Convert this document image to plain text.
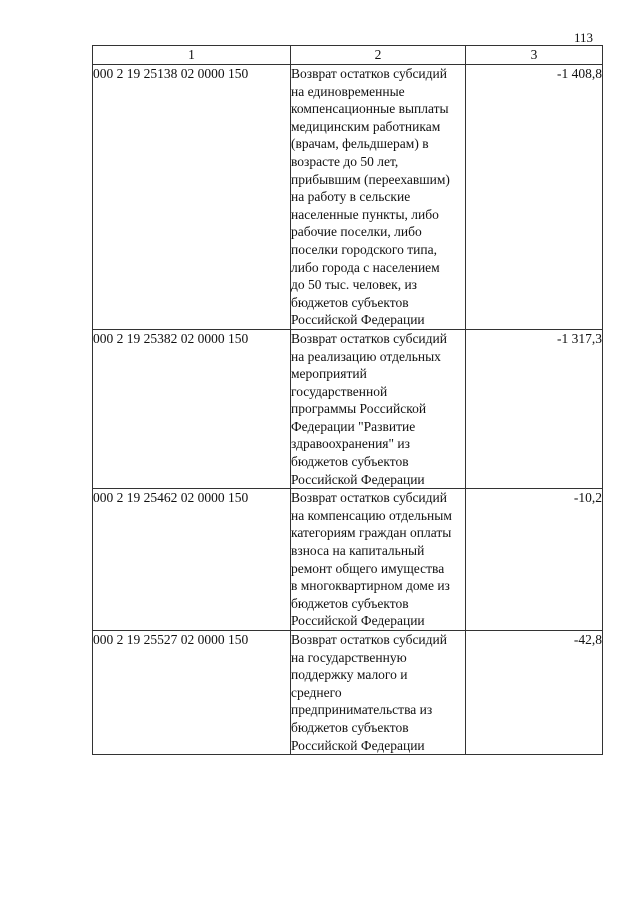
113
1	2	3
000 2 19 25138 02 0000 150	Возврат остатков субсидий на единовременные компенсационные выплаты медицинским работникам (врачам, фельдшерам) в возрасте до 50 лет, прибывшим (переехавшим) на работу в сельские населенные пункты, либо рабочие поселки, либо поселки городского типа, либо города с населением до 50 тыс. человек, из бюджетов субъектов Российской Федерации	-1 408,8
000 2 19 25382 02 0000 150	Возврат остатков субсидий на реализацию отдельных мероприятий государственной программы Российской Федерации "Развитие здравоохранения" из бюджетов субъектов Российской Федерации	-1 317,3
000 2 19 25462 02 0000 150	Возврат остатков субсидий на компенсацию отдельным категориям граждан оплаты взноса на капитальный ремонт общего имущества в многоквартирном доме из бюджетов субъектов Российской Федерации	-10,2
000 2 19 25527 02 0000 150	Возврат остатков субсидий на государственную поддержку малого и среднего предпринимательства из бюджетов субъектов Российской Федерации	-42,8
